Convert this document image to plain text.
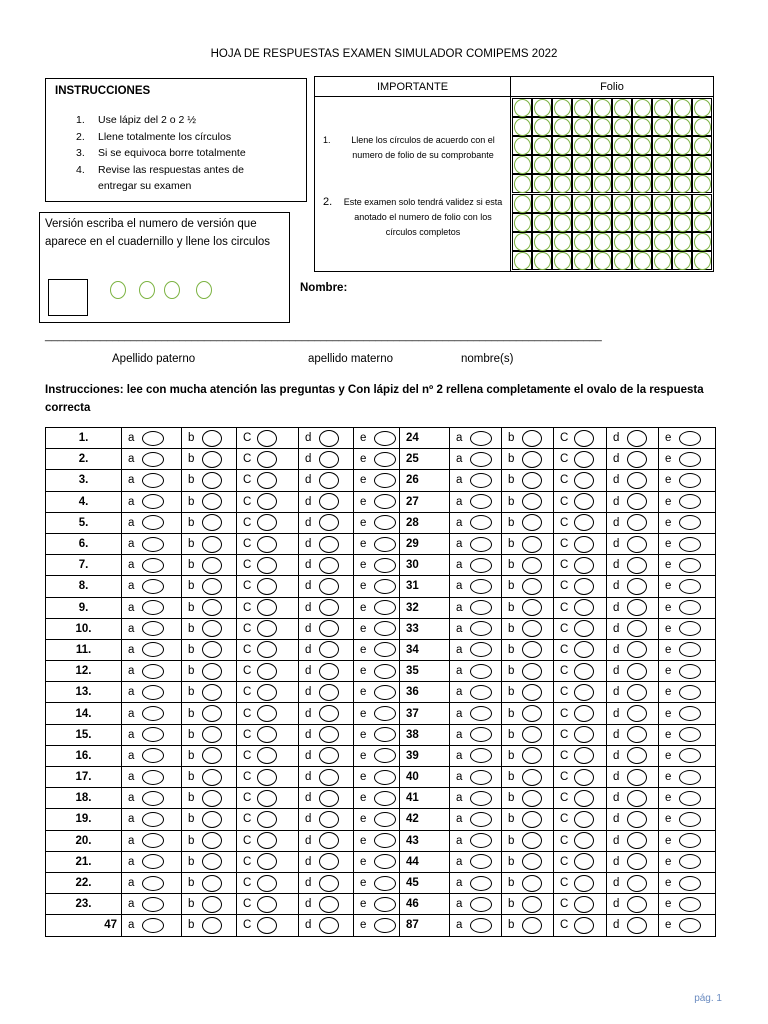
HOJA DE RESPUESTAS EXAMEN SIMULADOR COMIPEMS 2022
INSTRUCCIONES
1.	Use lápiz del 2 o 2 ½
2.	Llene totalmente los círculos
3.	Si se equivoca borre totalmente
4.	Revise las respuestas antes de entregar su examen
Versión escriba el numero de versión que aparece en el cuadernillo y llene los circulos
IMPORTANTE	Folio
1.	Llene los círculos de acuerdo con el numero de folio de su comprobante
2.	Este examen solo tendrá validez si esta anotado el numero de folio con los círculos completos
Nombre:
___________________________________________________________________________________________
Apellido paterno	apellido materno	nombre(s)
Instrucciones: lee con mucha atención las preguntas y Con lápiz del nº 2 rellena completamente el ovalo de la respuesta correcta
1.	a	b	C	d	e	24	a	b	C	d	e

2.	a	b	C	d	e	25	a	b	C	d	e

3.	a	b	C	d	e	26	a	b	C	d	e

4.	a	b	C	d	e	27	a	b	C	d	e

5.	a	b	C	d	e	28	a	b	C	d	e

6.	a	b	C	d	e	29	a	b	C	d	e

7.	a	b	C	d	e	30	a	b	C	d	e

8.	a	b	C	d	e	31	a	b	C	d	e

9.	a	b	C	d	e	32	a	b	C	d	e

10.	a	b	C	d	e	33	a	b	C	d	e

11.	a	b	C	d	e	34	a	b	C	d	e

12.	a	b	C	d	e	35	a	b	C	d	e

13.	a	b	C	d	e	36	a	b	C	d	e

14.	a	b	C	d	e	37	a	b	C	d	e

15.	a	b	C	d	e	38	a	b	C	d	e

16.	a	b	C	d	e	39	a	b	C	d	e

17.	a	b	C	d	e	40	a	b	C	d	e

18.	a	b	C	d	e	41	a	b	C	d	e

19.	a	b	C	d	e	42	a	b	C	d	e

20.	a	b	C	d	e	43	a	b	C	d	e

21.	a	b	C	d	e	44	a	b	C	d	e

22.	a	b	C	d	e	45	a	b	C	d	e

23.	a	b	C	d	e	46	a	b	C	d	e

47	a	b	C	d	e	87	a	b	C	d	e
pág. 1
